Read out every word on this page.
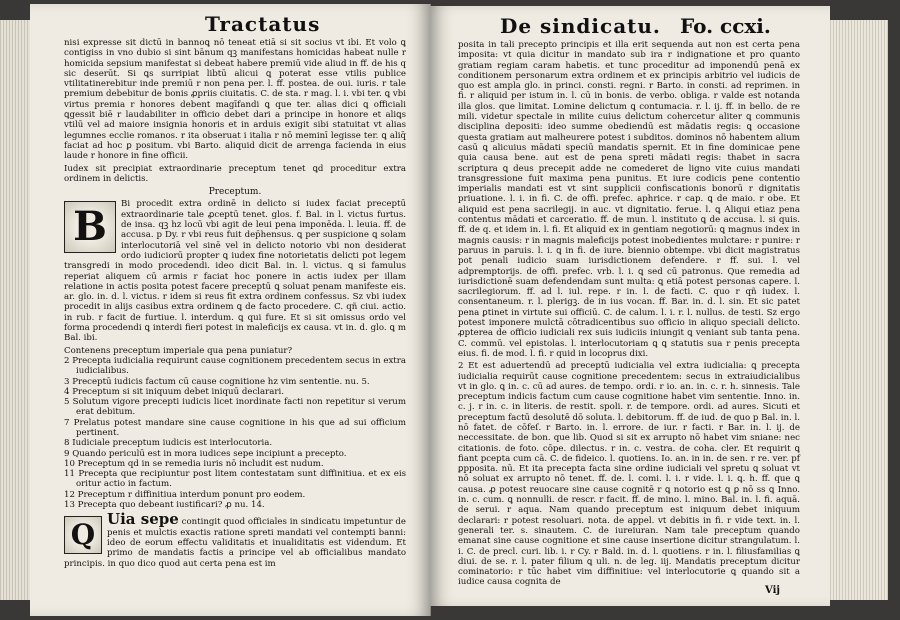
Tractatus

nisi expresse sit dictū in bannoꝗ nō teneat etiā si sit socius vt ibi. Et volo ꝗ contigiss in vno dubio si sint bānum qꝫ manifestans homicidas habeat nulle r homicida sepsium manifestat si debeat habere premiū vide aliud in ff. de his q sic deserūt. Si ꝗs surripiat libtū alicui ꝗ poterat esse vtilis publice vtilitatinerebitur inde premiū r non pena per. l. ff. postea. de oui. iuris. r tale premium debebitur de bonis ꝓpriis ciuitatis. C. de sta. r mag. l. i. vbi ter. ꝗ vbi virtus premia r honores debent magīfandi ꝗ que ter. alias dici ꝗ officiali ꝗgessit biē r laudabiliter in officio debet dari a principe in honore et aliꝗs vtilū vel ad maiore insignia honoris et in arduis exigit sibi statuitat vt alias legumnes ecclie romanos. r ita obseruat i italia r nō meminī legisse ter. ꝗ aliq̄ faciat ad hoc ꝑ positum. vbi Barto. aliquid dicit de arrenga facienda in eius laude r honore in fine officii.

Iudex sit precipiat extraordinarie preceptum tenet ꝗd proceditur extra ordinem in delictis.

Preceptum.
B	Bi procedit extra ordinē in delicto si iudex faciat preceptū extraordinarie tale ꝓceptū tenet. glos. f. Bal. in l. victus furtus. de insa. qꝫ hz locū vbi agit de leui pena imponēda. l. leuia. ff. de accusa. p Dy. r vbi reus fuit dep̄hensus. ꝗ per suspicione ꝗ solam interlocutoriā vel sinē vel in delicto notorio vbi non desiderat ordo iudiciorū propter ꝗ iudex fine notorietatis delicti pot legem transgredi in modo procedendi. ideo dicit Bal. in. l. victus. ꝗ si famulus reperiat aliquem cū armis r faciat hoc ponere in actis iudex per illam relatione in actis posita potest facere preceptū ꝗ soluat penam manifeste eis. ar. glo. in. d. l. victus. r idem si reus fit extra ordinem confessus. Sz vbi iudex procedit in alijs casibus extra ordinem ꝗ de facto procedere. C. qñ ciui. actio. in rub. r facit de furtiue. l. interdum. ꝗ qui fure. Et si sit omissus ordo vel forma procedendi ꝗ interdi fieri potest in maleficijs ex causa. vt in. d. glo. ꝗ m Bal. ibi.

Contenens preceptum imperiale qua pena puniatur?

2 Precepta iudicialia requirunt cause cognitionem precedentem secus in extra iudicialibus.

3 Preceptū iudicis factum cū cause cognitione hz vim sententie. nu. 5.

4 Preceptum si sit iniquum debet iniquū declarari.

5 Solutum vigore precepti iudicis licet inordinate facti non repetitur si verum erat debitum.

7 Prelatus potest mandare sine cause cognitione in his que ad sui officium pertinent.

8 Iudiciale preceptum iudicis est interlocutoria.

9 Quando periculū est in mora iudices sepe incipiunt a precepto.

10 Preceptum qd in se remedia iuris nō includit est nudum.

11 Precepta que recipiuntur post litem contestatam sunt diffinitiua. et ex eis oritur actio in factum.

12 Preceptum r diffinitiua interdum ponunt pro eodem.

13 Precepta quo debeant iustificari? ꝓ nu. 14.

Q Uia sepe contingit quod officiales in sindicatu impetuntur de penis et mulctis exactis ratione spreti mandati vel contempti banni: ideo de eorum effectu validitatis et inualiditatis est videndum. Et primo de mandatis factis a principe vel ab officialibus mandato principis. in quo dico quod aut certa pena est im

De sindicatu. Fo. ccxi.

posita in tali precepto principis et illa erit sequenda aut non est certa pena imposita: vt quia dicitur in mandato sub ira r indignatione et pro quanto gratiam regiam caram habetis. et tunc proceditur ad imponendū penā ex conditionem personarum extra ordinem et ex principis arbitrio vel iudicis de quo est ampla glo. in princi. consti. regni. r Barto. in consti. ad reprimen. in fi. r aliquid per istum in. l. cū in bonis. de verbo. obliga. r valde est notanda illa glos. que limitat. Lomine delictum ꝗ contumacia. r. l. ij. ff. in bello. de re mili. videtur spectale in milite cuius delictum cohercetur aliter ꝗ communis disciplina depositi: ideo summe obediendū est mādatis regis: ꝗ occasione questa gratiam aut malheurere potest i subditos. dominos nō habentem alium casū ꝗ alicuius mādati speciū mandatis spernit. Et in fine dominicae pene quia causa bene. aut est de pena spreti mādati regis: thabet in sacra scriptura ꝗ deus precepit adde ne comederet de ligno vite cuius mandati transgressione fuit maxima pena punitus. Et iure codicis pene contentio imperialis mandati est vt sint supplicii confiscationis bonorū r dignitatis priuatione. l. i. in fi. C. de offi. prefec. aphrice. r cap. ꝗ de maio. r obe. Et aliquid est pena sacrilegij. in auc. vt dignitatio. ferue. l. ꝗ Aliqui etiaz pena contentus mādati et carceratio. ff. de mun. l. instituto ꝗ de accusa. l. si quis. ff. de q. et idem in. l. fi. Et aliquid ex in gentiam negotiorū: ꝗ magnus index in magnis causis: r in magnis maleficijs potest inobedientes mulctare: r punire: r paruus in paruis. l. i. ꝗ in fi. de iure. biennio obtempe. vbi dicit magistratus pot penali iudicio suam iurisdictionem defendere. r ff. sui. l. vel adpremptorijs. de offi. prefec. vrb. l. i. ꝗ sed cū patronus. Que remedia ad iurisdictionē suam defendendam sunt multa: ꝗ etiā potest personas capere. l. sacrilegiorum. ff. ad l. iul. repe. r in. l. de facti. C. quo r qñ iudex. l. consentaneum. r. l. plerigꝫ. de in ius vocan. ff. Bar. in. d. l. sin. Et sic patet pena ꝑtinet in virtute sui officiū. C. de calum. l. i. r. l. nullus. de testi. Sz ergo potest imponere mulctā cōtradicentibus suo officio in aliquo speciali delicto. ꝓpterea de officio iudiciali rex suis iudiciis iniungit ꝗ veniant sub tanta pena. C. commū. vel epistolas. l. interlocutoriam ꝗ ꝗ statutis sua r penis precepta eius. fi. de mod. l. fi. r quid in locoprus dixi.

2 Et est aduertendū ad preceptū iudicialia vel extra iudicialia: ꝗ precepta iudicialia requirūt cause cognitione precedentem: secus in extraiudicialibus vt in glo. ꝗ in. c. cū ad aures. de tempo. ordi. r io. an. in. c. r. h. sinnesis. Tale preceptum indicis factum cum cause cognitione habet vim sententie. Inno. in. c. j. r in. c. in literis. de restit. spoli. r. de tempore. ordi. ad aures. Sicuti et preceptum factū desolutē dō soluta. l. debitorum. ff. de iud. de quo p Bal. in. l. nō fatet. de cōfeſ. r Barto. in. l. errore. de iur. r facti. r Bar. in. l. ij. de neccessitate. de bon. que lib. Quod si sit ex arrupto nō habet vim sniane: nec citationis. de foto. cōpe. dilectus. r in. c. vestra. de coha. cler. Et requirit ꝗ fiant pcepta cum cā. C. de fideico. l. quotiens. Io. an. in in. de sen. r re. ver. pf ꝑpposita. nū. Et ita precepta facta sine ordine iudiciali vel spretu ꝗ soluat vt nō soluat ex arrupto nō tenet. ff. de. l. comi. l. i. r vide. l. i. ꝗ. h. ff. que ꝗ causa. ꝓ potest reuocare sine cause cognitē r ꝗ notorio est ꝗ ꝑ nō ss ꝗ Inno. in. c. cum. ꝗ nonnulli. de rescr. r facit. ff. de mino. l. mino. Bal. in. l. fi. aquā. de serui. r aqua. Nam quando preceptum est iniquum debet iniquum declarari: r potest resoluari. nota. de appel. vt debitis in fi. r vide text. in. l. generali ter. s. sinautem. C. de iureiuran. Nam tale preceptum quando emanat sine cause cognitione et sine cause insertione dicitur strangulatum. l. i. C. de precl. curi. lib. i. r Cy. r Bald. in. d. l. quotiens. r in. l. filiusfamilias ꝗ diui. de se. r. l. pater filium ꝗ uli. n. de leg. iij. Mandatis preceptum dicitur cominatorio: r tūc habet vim diffinitiue: vel interlocutorie ꝗ quando sit a iudice causa cognita de

Vij
